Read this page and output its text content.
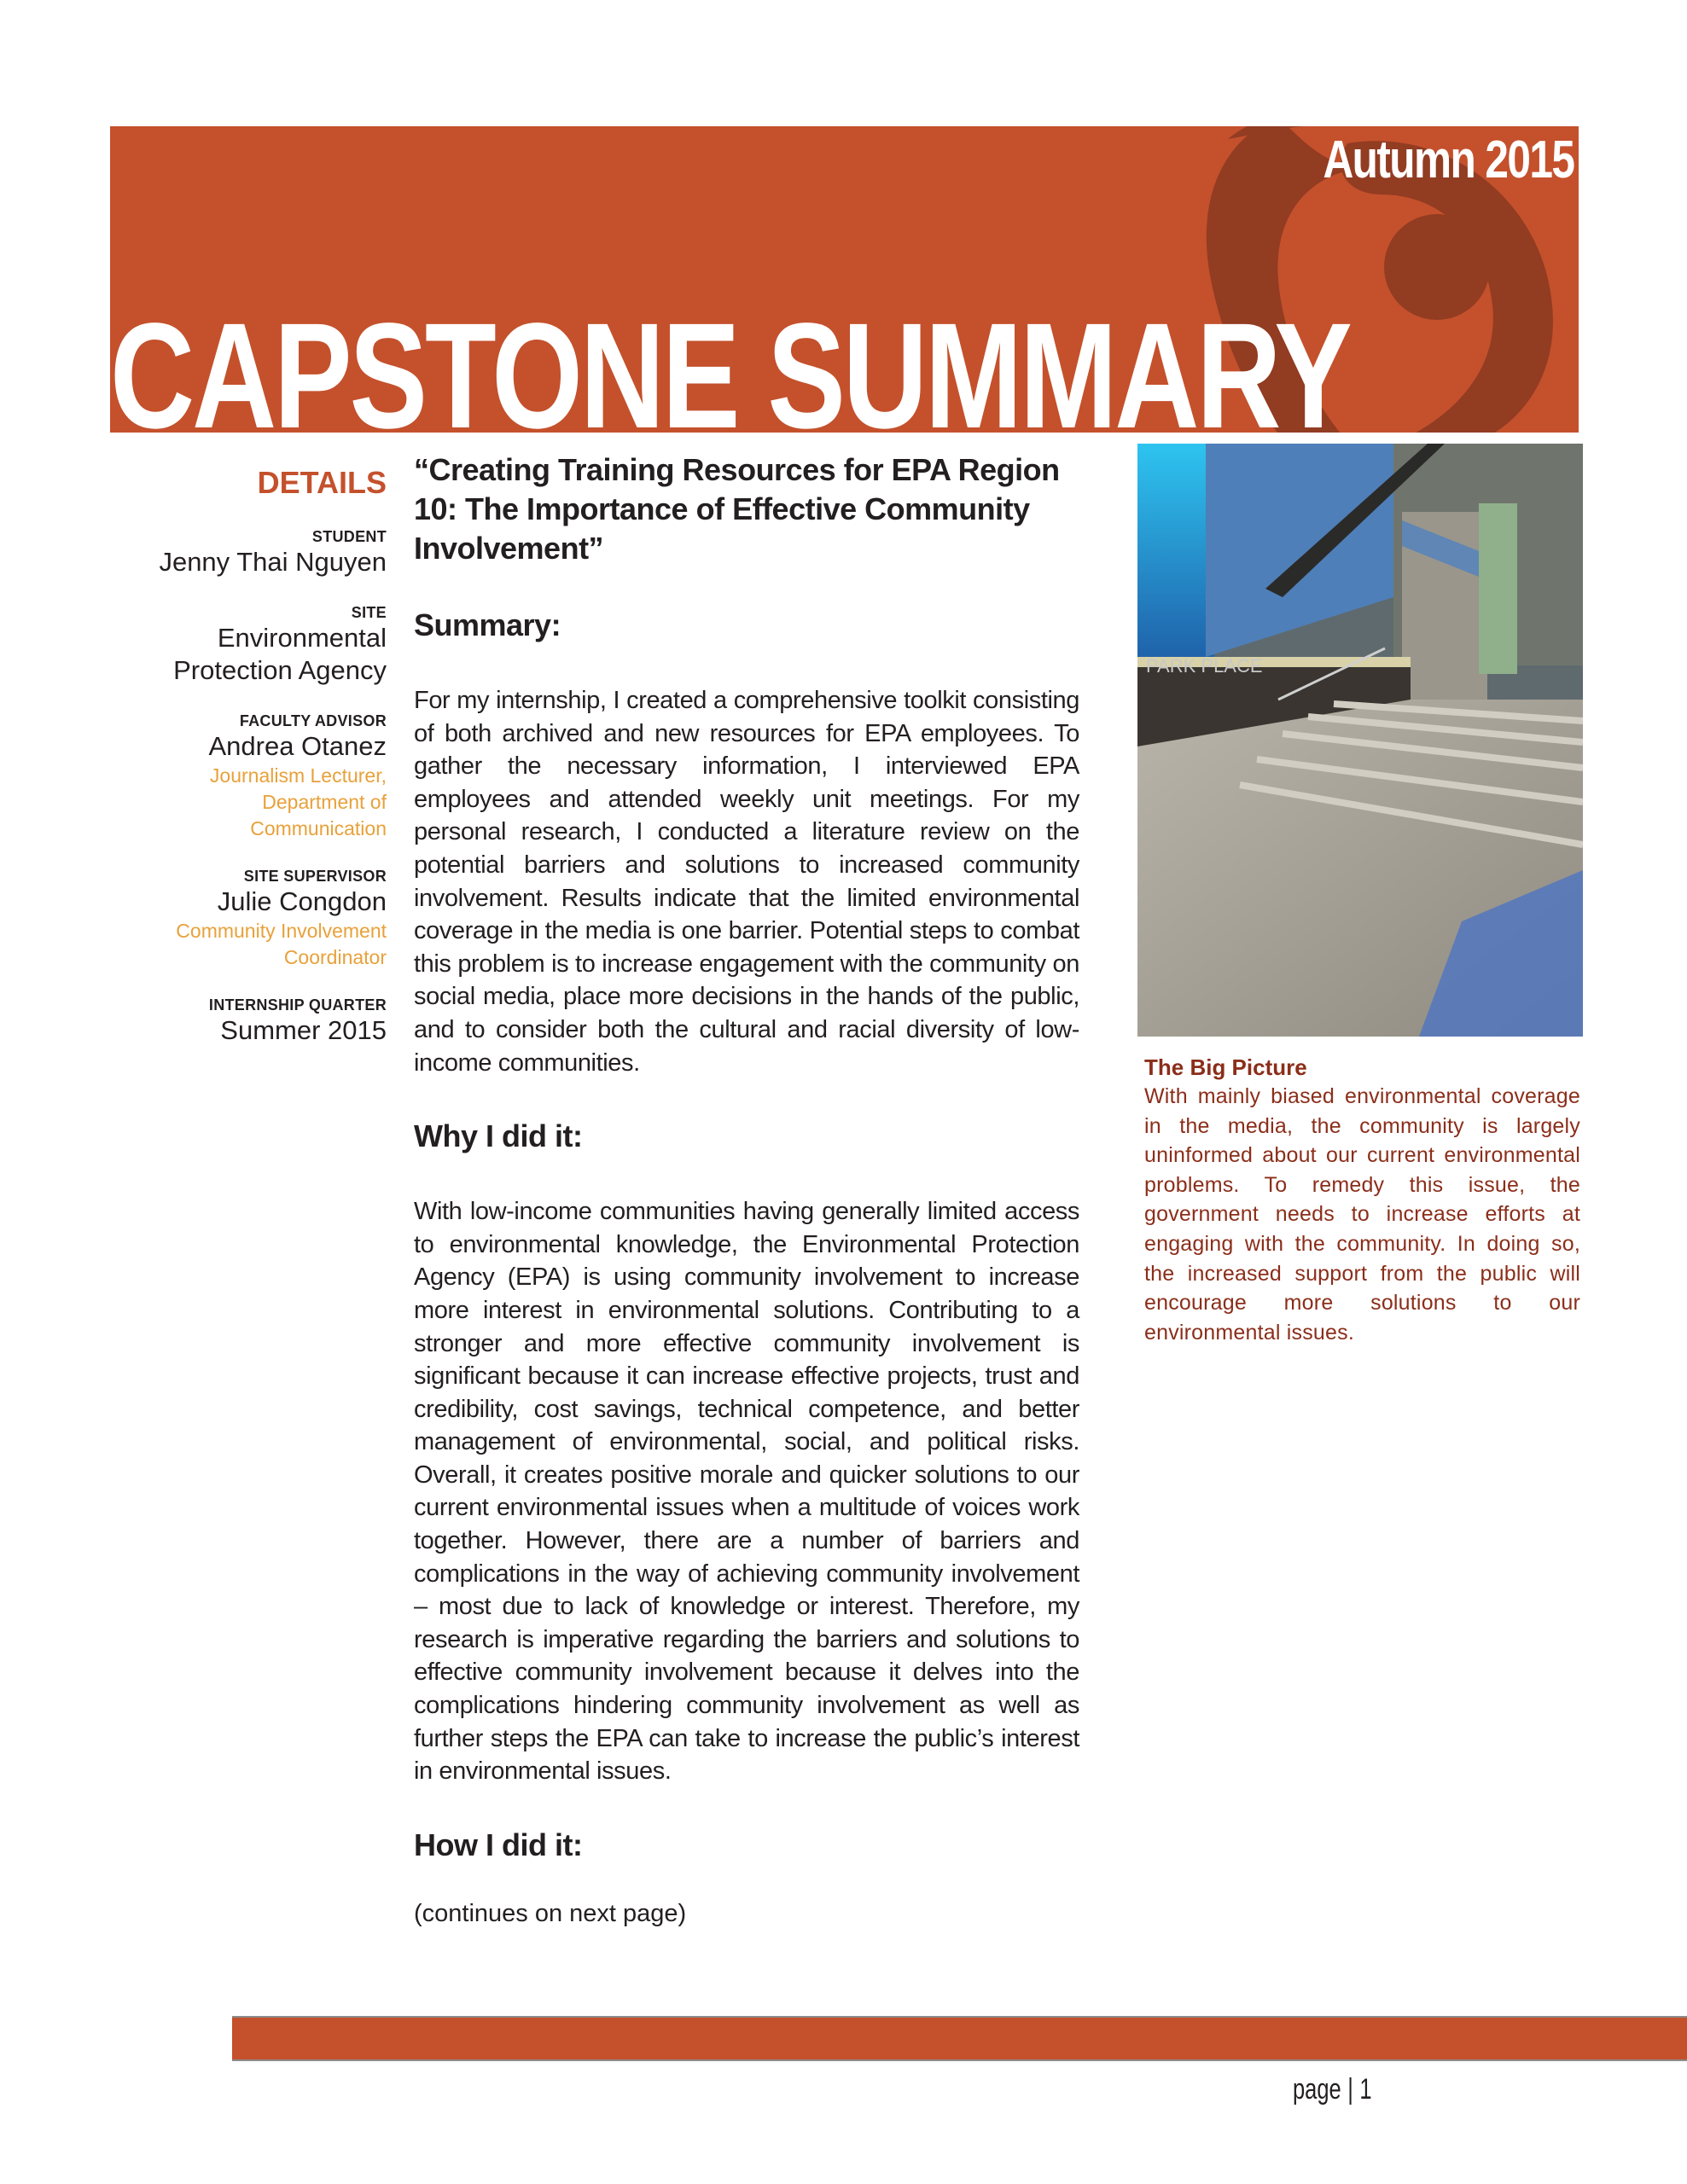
Autumn 2015
CAPSTONE SUMMARY
DETAILS
STUDENT
Jenny Thai Nguyen
SITE
Environmental
Protection Agency
FACULTY ADVISOR
Andrea Otanez
Journalism Lecturer,
Department of
Communication
SITE SUPERVISOR
Julie Congdon
Community Involvement
Coordinator
INTERNSHIP QUARTER
Summer 2015
“Creating Training Resources for EPA Region 10: The Importance of Effective Community Involvement”
Summary:
For my internship, I created a comprehensive toolkit consisting of both archived and new resources for EPA employees. To gather the necessary information, I interviewed EPA employees and attended weekly unit meetings. For my personal research, I conducted a literature review on the potential barriers and solutions to increased community involvement. Results indicate that the limited environmental coverage in the media is one barrier. Potential steps to combat this problem is to increase engagement with the community on social media, place more decisions in the hands of the public, and to consider both the cultural and racial diversity of low-income communities.
Why I did it:
With low-income communities having generally limited access to environmental knowledge, the Environmental Protection Agency (EPA) is using community involvement to increase more interest in environmental solutions. Contributing to a stronger and more effective community involvement is significant because it can increase effective projects, trust and credibility, cost savings, technical competence, and better management of environmental, social, and political risks. Overall, it creates positive morale and quicker solutions to our current environmental issues when a multitude of voices work together. However, there are a number of barriers and complications in the way of achieving community involvement – most due to lack of knowledge or interest. Therefore, my research is imperative regarding the barriers and solutions to effective community involvement because it delves into the complications hindering community involvement as well as further steps the EPA can take to increase the public’s interest in environmental issues.
How I did it:
(continues on next page)
PARK PLACE
The Big Picture
With mainly biased environmental coverage in the media, the community is largely uninformed about our current environmental problems. To remedy this issue, the government needs to increase efforts at engaging with the community. In doing so, the increased support from the public will encourage more solutions to our environmental issues.
page | 1
